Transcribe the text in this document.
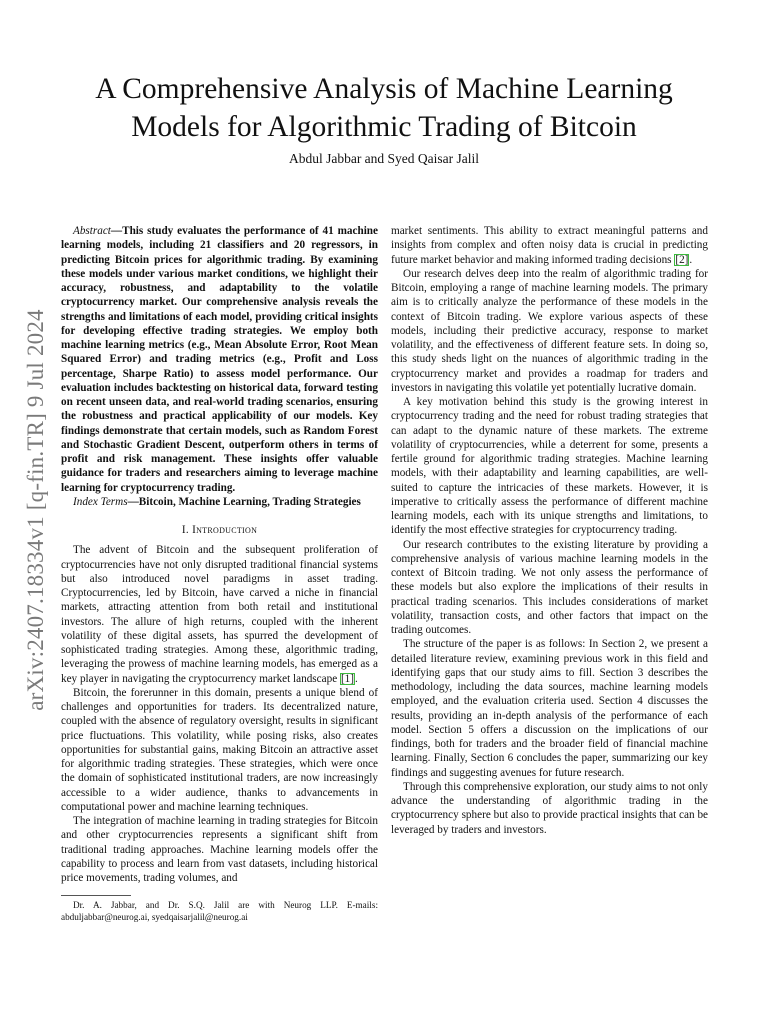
A Comprehensive Analysis of Machine Learning Models for Algorithmic Trading of Bitcoin
Abdul Jabbar and Syed Qaisar Jalil
arXiv:2407.18334v1 [q-fin.TR] 9 Jul 2024

Abstract—This study evaluates the performance of 41 machine learning models, including 21 classifiers and 20 regressors, in predicting Bitcoin prices for algorithmic trading. By examining these models under various market conditions, we highlight their accuracy, robustness, and adaptability to the volatile cryptocurrency market. Our comprehensive analysis reveals the strengths and limitations of each model, providing critical insights for developing effective trading strategies. We employ both machine learning metrics (e.g., Mean Absolute Error, Root Mean Squared Error) and trading metrics (e.g., Profit and Loss percentage, Sharpe Ratio) to assess model performance. Our evaluation includes backtesting on historical data, forward testing on recent unseen data, and real-world trading scenarios, ensuring the robustness and practical applicability of our models. Key findings demonstrate that certain models, such as Random Forest and Stochastic Gradient Descent, outperform others in terms of profit and risk management. These insights offer valuable guidance for traders and researchers aiming to leverage machine learning for cryptocurrency trading.

Index Terms—Bitcoin, Machine Learning, Trading Strategies

I. Introduction

The advent of Bitcoin and the subsequent proliferation of cryptocurrencies have not only disrupted traditional financial systems but also introduced novel paradigms in asset trading. Cryptocurrencies, led by Bitcoin, have carved a niche in financial markets, attracting attention from both retail and institutional investors. The allure of high returns, coupled with the inherent volatility of these digital assets, has spurred the development of sophisticated trading strategies. Among these, algorithmic trading, leveraging the prowess of machine learning models, has emerged as a key player in navigating the cryptocurrency market landscape [1].

Bitcoin, the forerunner in this domain, presents a unique blend of challenges and opportunities for traders. Its decentralized nature, coupled with the absence of regulatory oversight, results in significant price fluctuations. This volatility, while posing risks, also creates opportunities for substantial gains, making Bitcoin an attractive asset for algorithmic trading strategies. These strategies, which were once the domain of sophisticated institutional traders, are now increasingly accessible to a wider audience, thanks to advancements in computational power and machine learning techniques.

The integration of machine learning in trading strategies for Bitcoin and other cryptocurrencies represents a significant shift from traditional trading approaches. Machine learning models offer the capability to process and learn from vast datasets, including historical price movements, trading volumes, and

Dr. A. Jabbar, and Dr. S.Q. Jalil are with Neurog LLP. E-mails: abduljabbar@neurog.ai, syedqaisarjalil@neurog.ai

market sentiments. This ability to extract meaningful patterns and insights from complex and often noisy data is crucial in predicting future market behavior and making informed trading decisions [2].

Our research delves deep into the realm of algorithmic trading for Bitcoin, employing a range of machine learning models. The primary aim is to critically analyze the performance of these models in the context of Bitcoin trading. We explore various aspects of these models, including their predictive accuracy, response to market volatility, and the effectiveness of different feature sets. In doing so, this study sheds light on the nuances of algorithmic trading in the cryptocurrency market and provides a roadmap for traders and investors in navigating this volatile yet potentially lucrative domain.

A key motivation behind this study is the growing interest in cryptocurrency trading and the need for robust trading strategies that can adapt to the dynamic nature of these markets. The extreme volatility of cryptocurrencies, while a deterrent for some, presents a fertile ground for algorithmic trading strategies. Machine learning models, with their adaptability and learning capabilities, are well-suited to capture the intricacies of these markets. However, it is imperative to critically assess the performance of different machine learning models, each with its unique strengths and limitations, to identify the most effective strategies for cryptocurrency trading.

Our research contributes to the existing literature by providing a comprehensive analysis of various machine learning models in the context of Bitcoin trading. We not only assess the performance of these models but also explore the implications of their results in practical trading scenarios. This includes considerations of market volatility, transaction costs, and other factors that impact on the trading outcomes.

The structure of the paper is as follows: In Section 2, we present a detailed literature review, examining previous work in this field and identifying gaps that our study aims to fill. Section 3 describes the methodology, including the data sources, machine learning models employed, and the evaluation criteria used. Section 4 discusses the results, providing an in-depth analysis of the performance of each model. Section 5 offers a discussion on the implications of our findings, both for traders and the broader field of financial machine learning. Finally, Section 6 concludes the paper, summarizing our key findings and suggesting avenues for future research.

Through this comprehensive exploration, our study aims to not only advance the understanding of algorithmic trading in the cryptocurrency sphere but also to provide practical insights that can be leveraged by traders and investors.
